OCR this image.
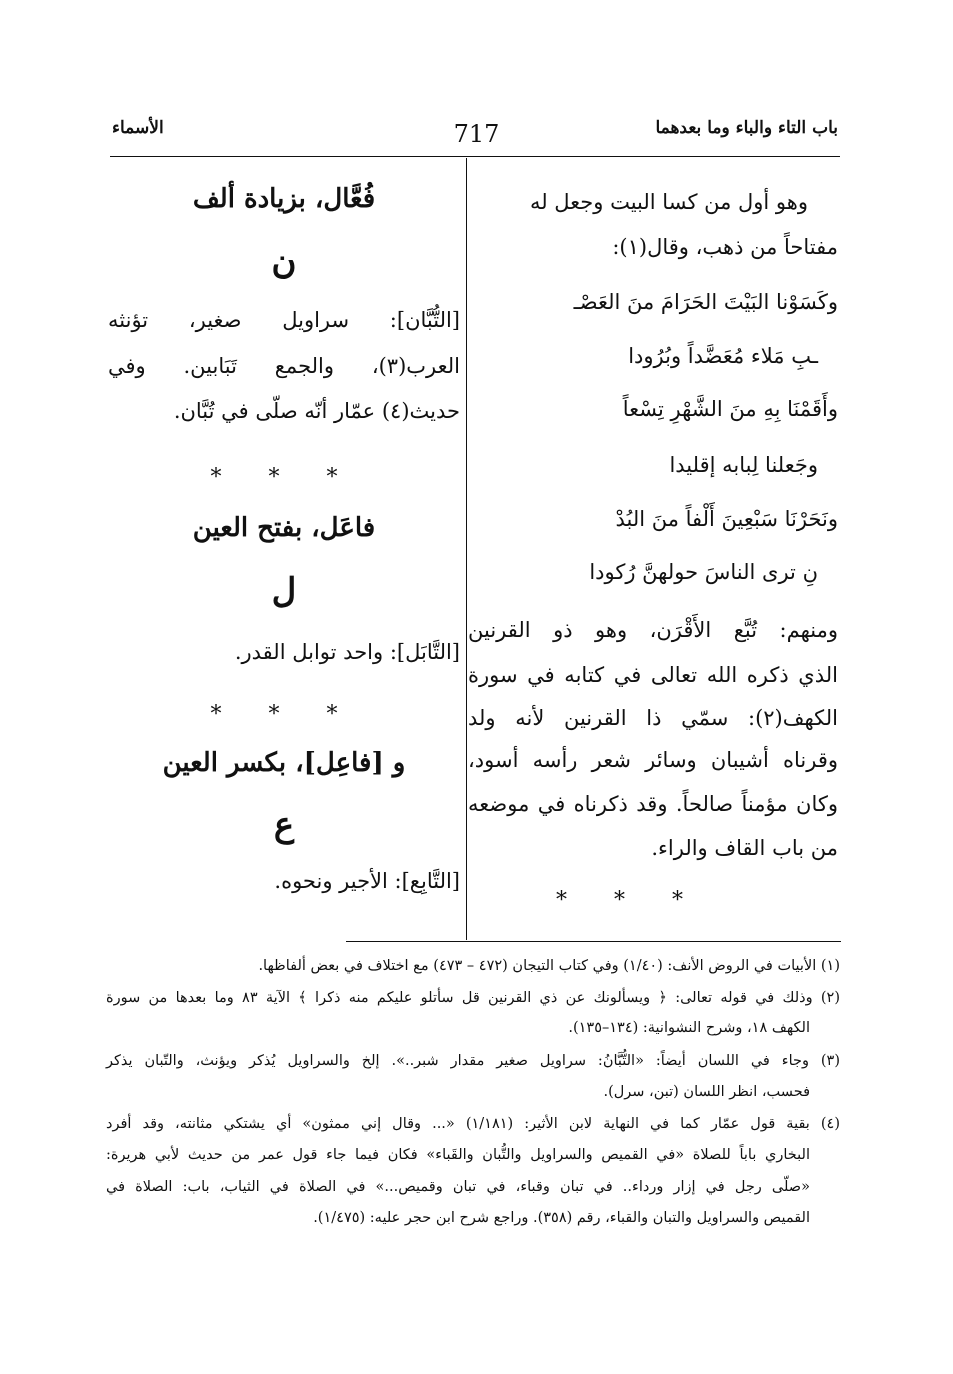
باب التاء والباء وما بعدهما
717
الأسماء
وهو أول من كسا البيت وجعل له
مفتاحاً من ذهب، وقال(١):
وكَسَوْنا البَيْتَ الحَرَامَ منَ العَصْـ
ـبِ مَلاء مُعَضَّداً وبُرُودا
وأَقَمْنَا بِهِ منَ الشَّهْرِ تِسْعاً
وجَعلنا لِبابه إقليدا
ونَحَرْنَا سَبْعِينَ أَلْفاً منَ البُدْ
نِ ترى الناسَ حولهنَّ رُكودا
ومنهم: تُبَّع الأَقْرَن، وهو ذو القرنين
الذي ذكره الله تعالى في كتابه في سورة
الكهف(٢): سمّي ذا القرنين لأنه ولد
وقرناه أشيبان وسائر شعر رأسه أسود،
وكان مؤمناً صالحاً. وقد ذكرناه في موضعه
من باب القاف والراء.
* * *
فُعَّال، بزيادة ألف
ن
[التُّبَّان]: سراويل صغير، تؤنثه
العرب(٣)، والجمع تَبَابين. وفي
حديث(٤) عمّار أنّه صلّى في تُبَّان.
* * *
فاعَل، بفتح العين
ل
[التَّابَل]: واحد توابل القدر.
* * *
و [فاعِل]، بكسر العين
ع
[التَّابِع]: الأجير ونحوه.
(١) الأبيات في الروض الأنف: (١/٤٠) وفي كتاب التيجان (٤٧٢ – ٤٧٣) مع اختلاف في بعض ألفاظها.
(٢) وذلك في قوله تعالى: ﴿ ويسألونك عن ذي القرنين قل سأتلو عليكم منه ذكرا ﴾ الآية ٨٣ وما بعدها من سورة
الكهف ١٨، وشرح النشوانية: (١٣٤–١٣٥).
(٣) وجاء في اللسان أيضاً: «التُّبَّانُ: سراويل صغير مقدار شبر..». إلخ والسراويل يُذكر ويؤنث، والتّبان يذكر
فحسب، انظر اللسان (تبن، سرل).
(٤) بقية قول عمّار كما في النهاية لابن الأثير: (١/١٨١) «... وقال إني ممثون» أي يشتكي مثانته، وقد أفرد
البخاري باباً للصلاة «في القميص والسراويل والتُّبان والقَباء» فكان فيما جاء قول عمر من حديث لأبي هريرة:
«صلّى رجل في إزار ورداء.. في تبان وقباء، في تبان وقميص...» في الصلاة في الثياب، باب: الصلاة في
القميص والسراويل والتبان والقباء، رقم (٣٥٨). وراجع شرح ابن حجر عليه: (١/٤٧٥).
